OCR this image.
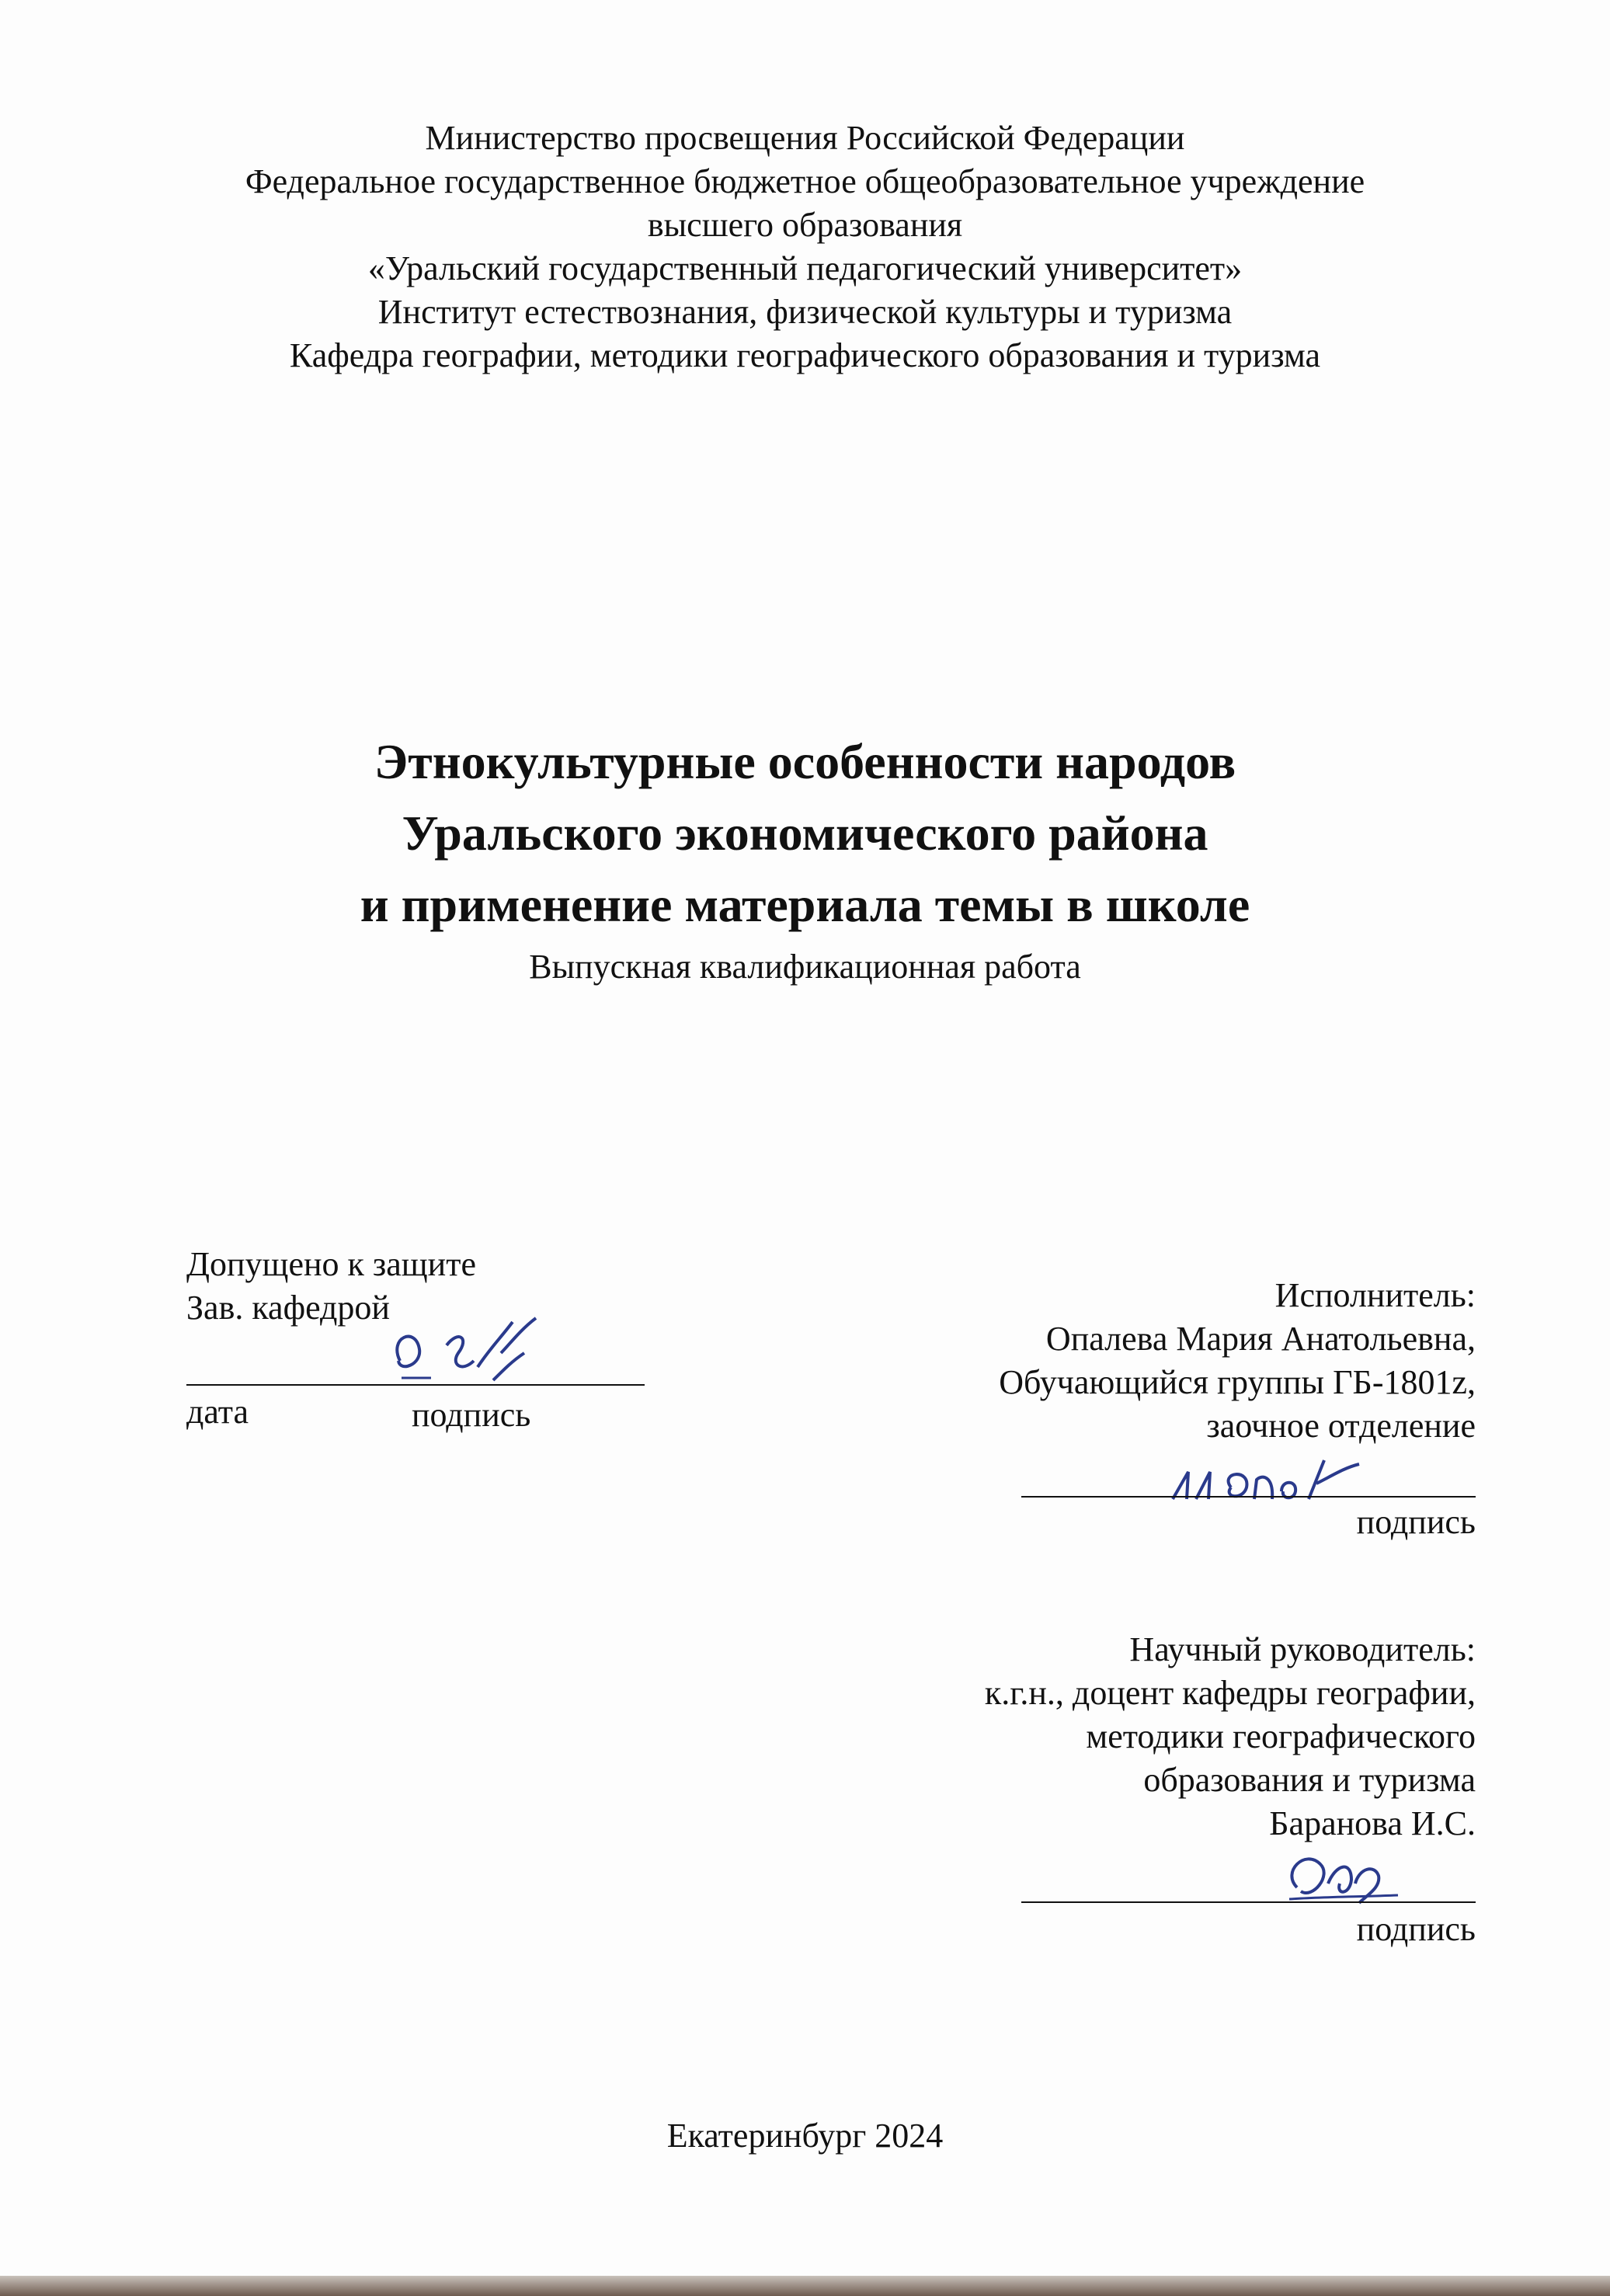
Министерство просвещения Российской Федерации
Федеральное государственное бюджетное общеобразовательное учреждение
высшего образования
«Уральский государственный педагогический университет»
Институт естествознания, физической культуры и туризма
Кафедра географии, методики географического образования и туризма
Этнокультурные особенности народов
Уральского экономического района
и применение материала темы в школе
Выпускная квалификационная работа
Допущено к защите
Зав. кафедрой
дата	подпись
Исполнитель:
Опалева Мария Анатольевна,
Обучающийся группы ГБ-1801z,
заочное отделение
подпись
Научный руководитель:
к.г.н., доцент кафедры географии,
методики географического
образования и туризма
Баранова И.С.
подпись
Екатеринбург 2024
